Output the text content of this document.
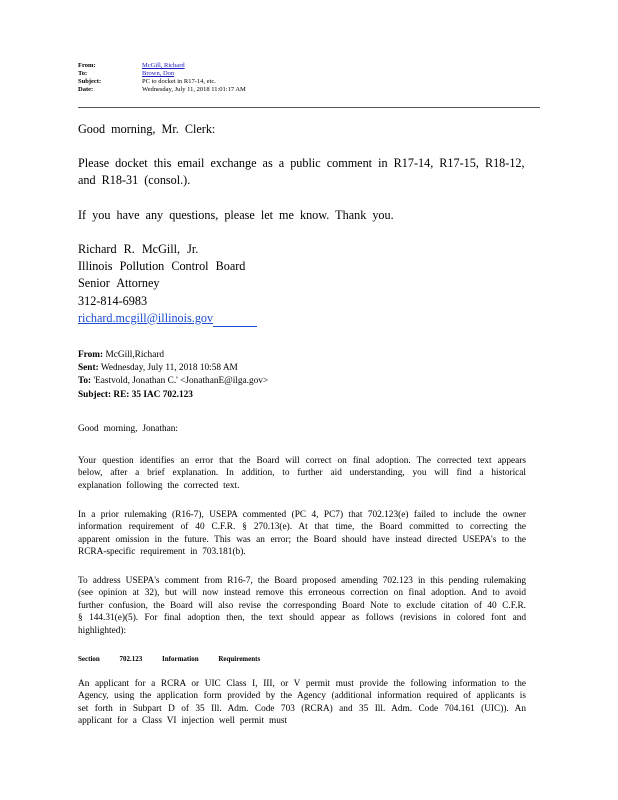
From:	McGill, Richard
To:	Brown, Don
Subject:	PC to docket in R17-14, etc.
Date:	Wednesday, July 11, 2018 11:01:17 AM

Good morning, Mr. Clerk:

Please docket this email exchange as a public comment in R17-14, R17-15, R18-12, and R18-31 (consol.).

If you have any questions, please let me know. Thank you.

Richard R. McGill, Jr.
Illinois Pollution Control Board
Senior Attorney
312-814-6983
richard.mcgill@illinois.gov
From: McGill,Richard
Sent: Wednesday, July 11, 2018 10:58 AM
To: 'Eastvold, Jonathan C.' <JonathanE@ilga.gov>
Subject: RE: 35 IAC 702.123

Good morning, Jonathan:

Your question identifies an error that the Board will correct on final adoption. The corrected text appears below, after a brief explanation. In addition, to further aid understanding, you will find a historical explanation following the corrected text.

In a prior rulemaking (R16-7), USEPA commented (PC 4, PC7) that 702.123(e) failed to include the owner information requirement of 40 C.F.R. § 270.13(e). At that time, the Board committed to correcting the apparent omission in the future. This was an error; the Board should have instead directed USEPA's to the RCRA-specific requirement in 703.181(b).

To address USEPA's comment from R16-7, the Board proposed amending 702.123 in this pending rulemaking (see opinion at 32), but will now instead remove this erroneous correction on final adoption. And to avoid further confusion, the Board will also revise the corresponding Board Note to exclude citation of 40 C.F.R. § 144.31(e)(5). For final adoption then, the text should appear as follows (revisions in colored font and highlighted):

Section 702.123 Information Requirements

An applicant for a RCRA or UIC Class I, III, or V permit must provide the following information to the Agency, using the application form provided by the Agency (additional information required of applicants is set forth in Subpart D of 35 Ill. Adm. Code 703 (RCRA) and 35 Ill. Adm. Code 704.161 (UIC)). An applicant for a Class VI injection well permit must
